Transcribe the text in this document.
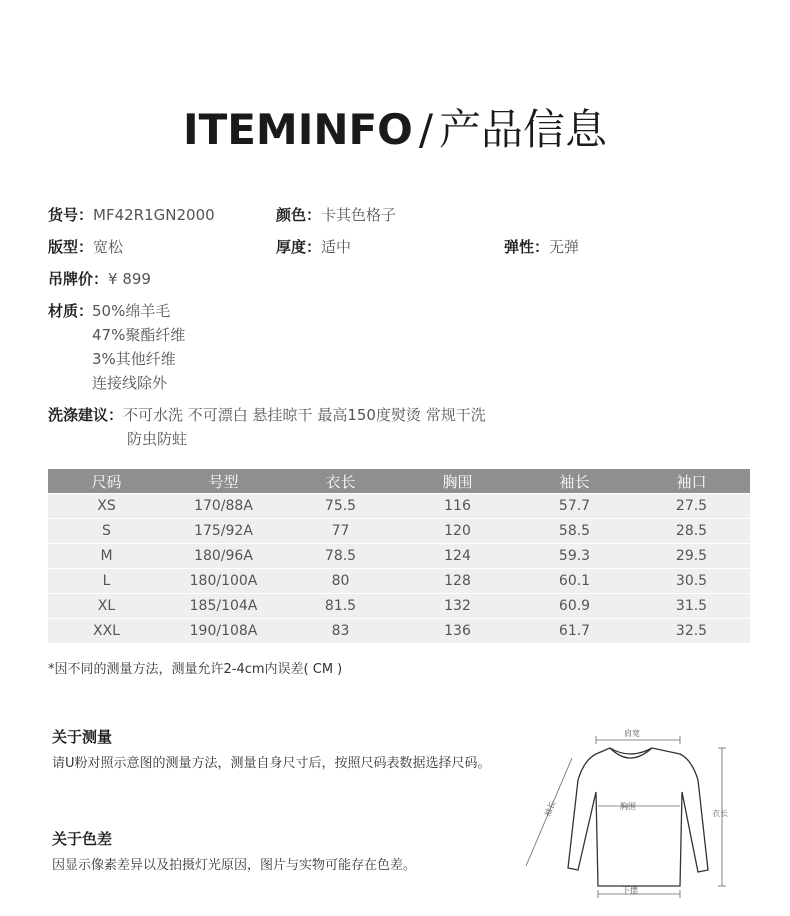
ITEMINFO / 产品信息
货号：MF42R1GN2000	颜色：卡其色格子
版型：宽松	厚度：适中	弹性：无弹
吊牌价：¥ 899
材质：
50%绵羊毛
47%聚酯纤维
3%其他纤维
连接线除外
洗涤建议：不可水洗 不可漂白 悬挂晾干 最高150度熨烫 常规干洗
防虫防蛀
尺码	号型	衣长	胸围	袖长	袖口
XS	170/88A	75.5	116	57.7	27.5
S	175/92A	77	120	58.5	28.5
M	180/96A	78.5	124	59.3	29.5
L	180/100A	80	128	60.1	30.5
XL	185/104A	81.5	132	60.9	31.5
XXL	190/108A	83	136	61.7	32.5
*因不同的测量方法，测量允许2-4cm内误差( CM )
关于测量
请U粉对照示意图的测量方法，测量自身尺寸后，按照尺码表数据选择尺码。
关于色差
因显示像素差异以及拍摄灯光原因，图片与实物可能存在色差。
肩宽
胸围
衣长
下摆
袖长
